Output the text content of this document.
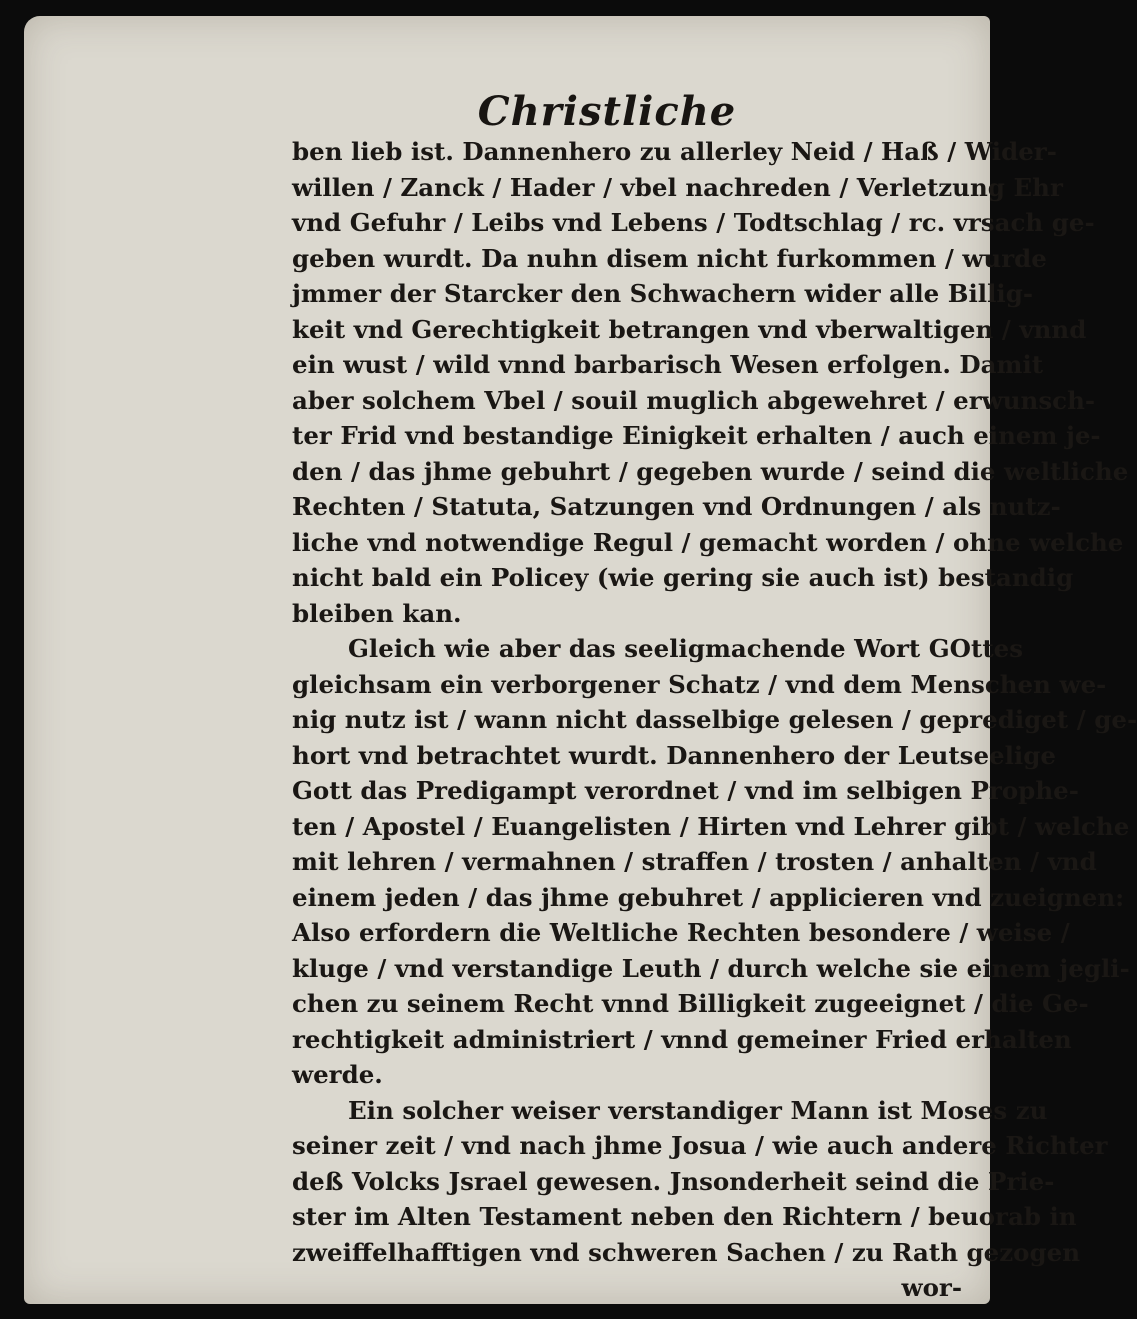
Christliche
ben lieb ist. Dannenhero zu allerley Neid / Haß / Wider-
willen / Zanck / Hader / vbel nachreden / Verletzung Ehr
vnd Gefuhr / Leibs vnd Lebens / Todtschlag / rc. vrsach ge-
geben wurdt. Da nuhn disem nicht furkommen / wurde
jmmer der Starcker den Schwachern wider alle Billig-
keit vnd Gerechtigkeit betrangen vnd vberwaltigen / vnnd
ein wust / wild vnnd barbarisch Wesen erfolgen. Damit
aber solchem Vbel / souil muglich abgewehret / erwunsch-
ter Frid vnd bestandige Einigkeit erhalten / auch einem je-
den / das jhme gebuhrt / gegeben wurde / seind die weltliche
Rechten / Statuta, Satzungen vnd Ordnungen / als nutz-
liche vnd notwendige Regul / gemacht worden / ohne welche
nicht bald ein Policey (wie gering sie auch ist) bestandig
bleiben kan.
Gleich wie aber das seeligmachende Wort GOttes
gleichsam ein verborgener Schatz / vnd dem Menschen we-
nig nutz ist / wann nicht dasselbige gelesen / geprediget / ge-
hort vnd betrachtet wurdt. Dannenhero der Leutseelige
Gott das Predigampt verordnet / vnd im selbigen Prophe-
ten / Apostel / Euangelisten / Hirten vnd Lehrer gibt / welche
mit lehren / vermahnen / straffen / trosten / anhalten / vnd
einem jeden / das jhme gebuhret / applicieren vnd zueignen:
Also erfordern die Weltliche Rechten besondere / weise /
kluge / vnd verstandige Leuth / durch welche sie einem jegli-
chen zu seinem Recht vnnd Billigkeit zugeeignet / die Ge-
rechtigkeit administriert / vnnd gemeiner Fried erhalten
werde.
Ein solcher weiser verstandiger Mann ist Moses zu
seiner zeit / vnd nach jhme Josua / wie auch andere Richter
deß Volcks Jsrael gewesen. Jnsonderheit seind die Prie-
ster im Alten Testament neben den Richtern / beuorab in
zweiffelhafftigen vnd schweren Sachen / zu Rath gezogen
wor-
